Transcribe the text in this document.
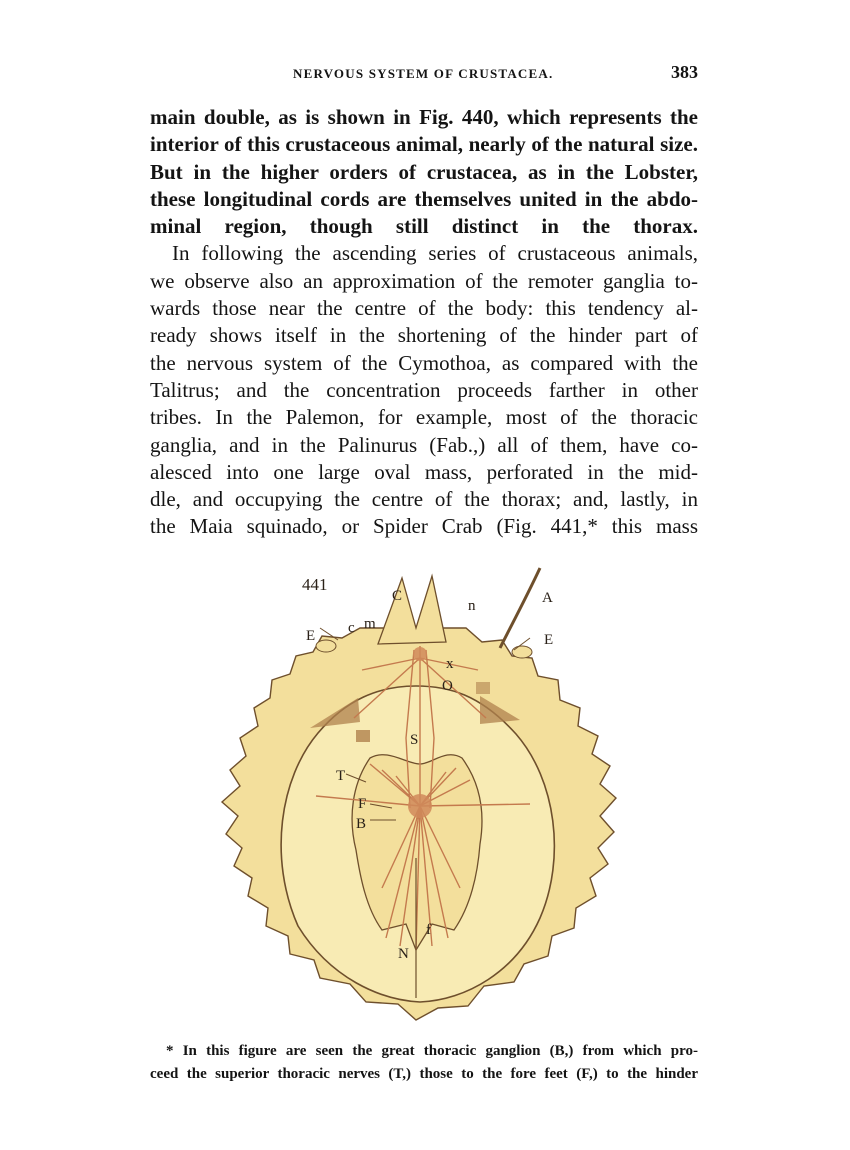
NERVOUS SYSTEM OF CRUSTACEA.	383
main double, as is shown in Fig. 440, which represents the
interior of this crustaceous animal, nearly of the natural size.
But in the higher orders of crustacea, as in the Lobster,
these longitudinal cords are themselves united in the abdo-
minal region, though still distinct in the thorax.
In following the ascending series of crustaceous animals,
we observe also an approximation of the remoter ganglia to-
wards those near the centre of the body: this tendency al-
ready shows itself in the shortening of the hinder part of
the nervous system of the Cymothoa, as compared with the
Talitrus; and the concentration proceeds farther in other
tribes. In the Palemon, for example, most of the thoracic
ganglia, and in the Palinurus (Fab.,) all of them, have co-
alesced into one large oval mass, perforated in the mid-
dle, and occupying the centre of the thorax; and, lastly, in
the Maia squinado, or Spider Crab (Fig. 441,* this mass
441
C	A
n
E c m
E
x
O
S
T
F
B
f
N
* In this figure are seen the great thoracic ganglion (B,) from which pro-
ceed the superior thoracic nerves (T,) those to the fore feet (F,) to the hinder
